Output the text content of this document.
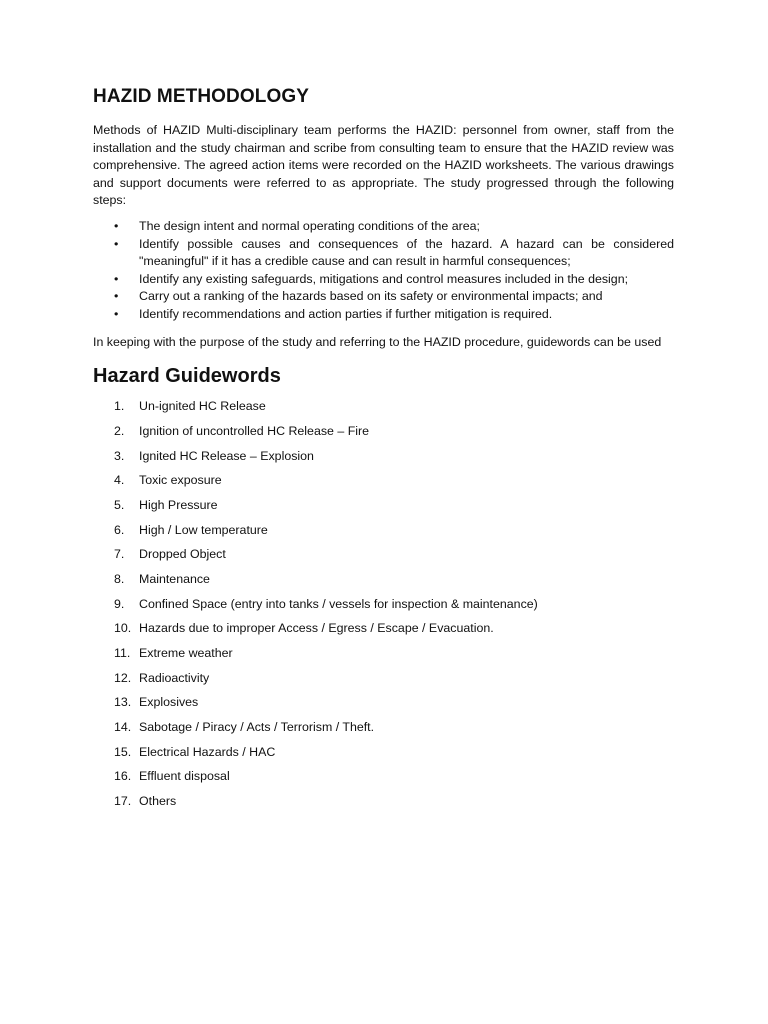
HAZID METHODOLOGY

Methods of HAZID Multi-disciplinary team performs the HAZID: personnel from owner, staff from the installation and the study chairman and scribe from consulting team to ensure that the HAZID review was comprehensive. The agreed action items were recorded on the HAZID worksheets. The various drawings and support documents were referred to as appropriate. The study progressed through the following steps:

• The design intent and normal operating conditions of the area;
• Identify possible causes and consequences of the hazard. A hazard can be considered "meaningful" if it has a credible cause and can result in harmful consequences;
• Identify any existing safeguards, mitigations and control measures included in the design;
• Carry out a ranking of the hazards based on its safety or environmental impacts; and
• Identify recommendations and action parties if further mitigation is required.

In keeping with the purpose of the study and referring to the HAZID procedure, guidewords can be used

Hazard Guidewords
1. Un-ignited HC Release
2. Ignition of uncontrolled HC Release – Fire
3. Ignited HC Release – Explosion
4. Toxic exposure
5. High Pressure
6. High / Low temperature
7. Dropped Object
8. Maintenance
9. Confined Space (entry into tanks / vessels for inspection & maintenance)
10. Hazards due to improper Access / Egress / Escape / Evacuation.
11. Extreme weather
12. Radioactivity
13. Explosives
14. Sabotage / Piracy / Acts / Terrorism / Theft.
15. Electrical Hazards / HAC
16. Effluent disposal
17. Others
